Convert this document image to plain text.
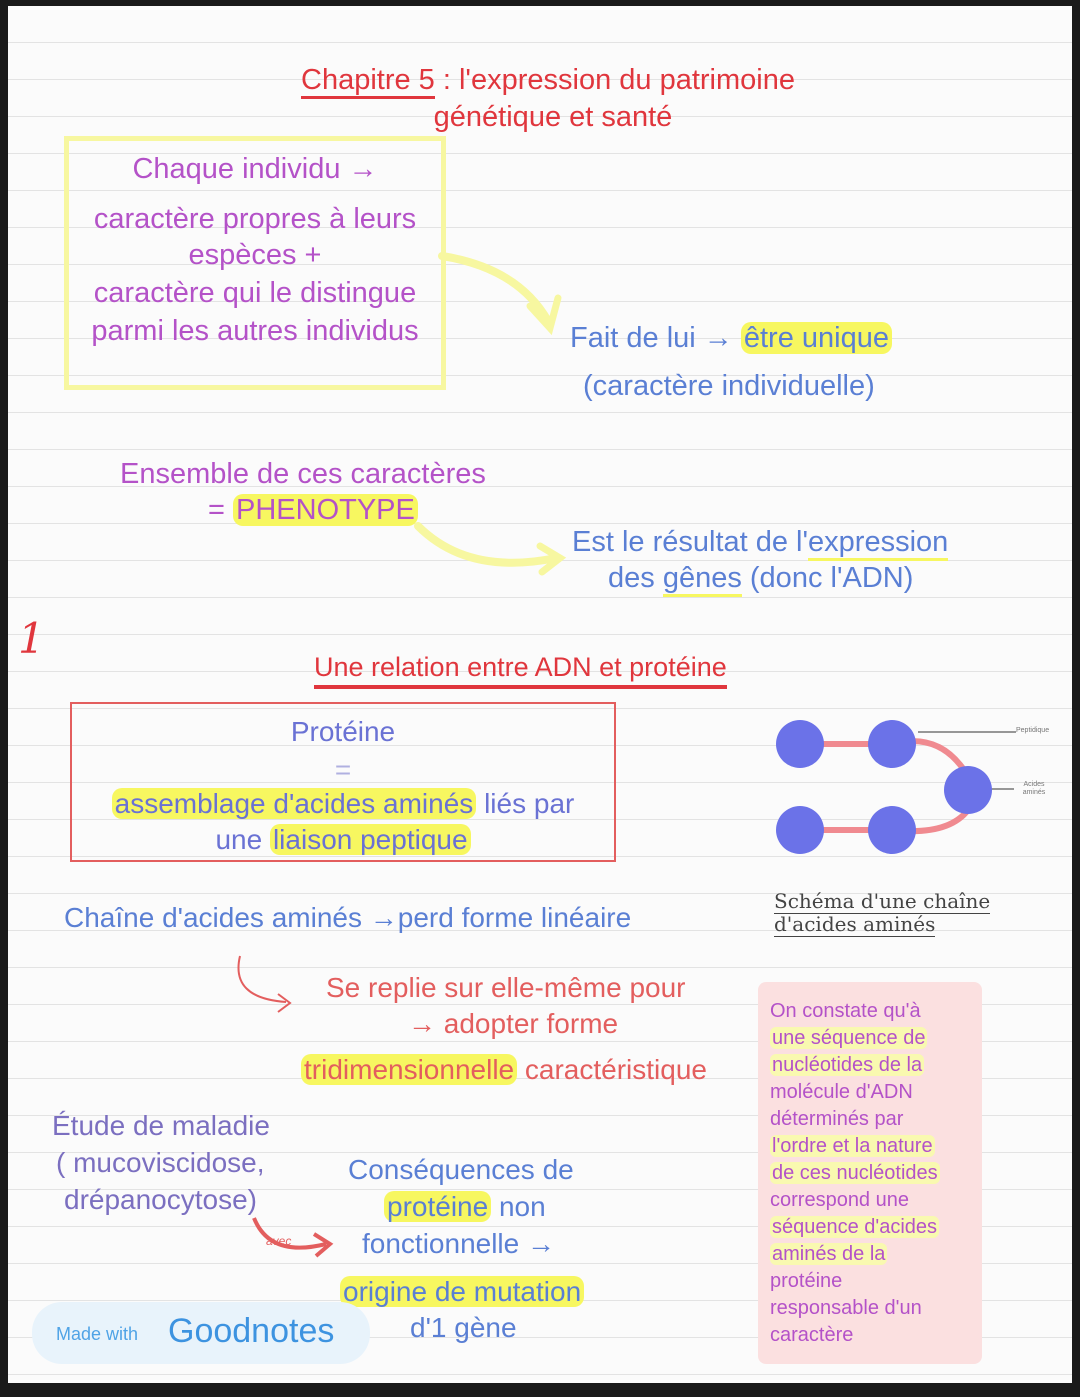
Chapitre 5 : l'expression du patrimoine
génétique et santé
Chaque individu →
caractère propres à leurs
espèces +
caractère qui le distingue
parmi les autres individus	Fait de lui → être unique
(caractère individuelle)
Ensemble de ces caractères
= PHENOTYPE
Est le résultat de l'expression
des gênes (donc l'ADN)
1
Une relation entre ADN et protéine
Protéine
=
assemblage d'acides aminés liés par
une liaison peptique
Peptidique
Acides aminés
Schéma d'une chaîne
d'acides aminés
Chaîne d'acides aminés →perd forme linéaire
Se replie sur elle-même pour
→ adopter forme
tridimensionnelle caractéristique
Étude de maladie
( mucoviscidose,
drépanocytose)
avec
Conséquences de
protéine non
fonctionnelle →
origine de mutation
d'1 gène
On constate qu'à
une séquence de
nucléotides de la
molécule d'ADN
déterminés par
l'ordre et la nature
de ces nucléotides
correspond une
séquence d'acides
aminés de la
protéine
responsable d'un
caractère
Made with Goodnotes
